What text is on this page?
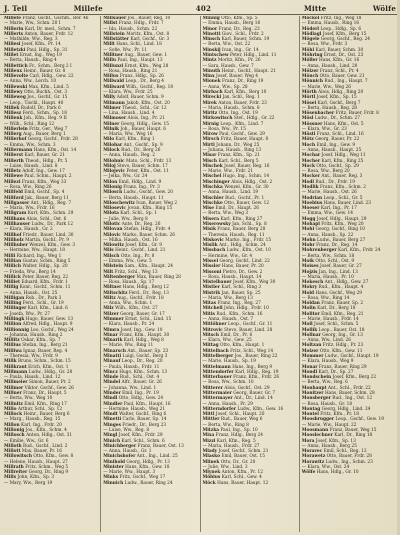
J. Teil	Millefe	402	Mitte	Wölfe
Millefe Franz, Gschf., Gschm., Ber. 46
— Marie, Ww., Schm. 20 I
Millerin Karl, Dr. med., Schm. 7
Millerts Anton, Bauer, Frdr. 12
— Mathilde, Ww., Reg. 3
Millesi Josef, Kfm., Pr. 14
Milletzki Paul, Hdlg., Sp. 31
Millet Ernst, Ing., Weg 19
— Berta, Hausb., Ring 4
Millettich Fr., Schm., Berg 2 I
Milleux Heinr., Bauer, Gr. 8
Millevolte Carl, Hdlg., Gew. 22
— Anna, Ww., Lerch. 10
Millewski Max, Kfm., Lind. 5
Millewy Otto, Buchh., Ost. 3
Milleweg Jos., Gschf., Gr. 15
— Leop., Tischl., Haupt. 40
Millek Rudolf, Dr., Park 6
Millesz Ferd., Schm., Sp. 18
Millenk Joh., Kfm., Reg. 9 II
— Wilh., Schl., Ring 12
Millerlein Fritz, Ger., Weg 7
Millerg Aug., Bauer, Berg 1
Millerhof Georg, Gschf., Frdr. 28
— Emma, Ww., Schm. 3
Millermann Hans, Kfm., Ost. 14
Millerst Karl, Bauer, Gr. 21
Millerth Theod., Hdlg., Pr. 5
— Luise, Hausb., Lind. 8
Milletz Adolf, Ing., Gew. 17
Millewe Paul, Schm., Haupt. 2
Millezi Franz, Kfm., Weg 33
— Rosa, Ww., Ring 26
Millfeld Emil, Gschf., Sp. 4
Millford Jak., Bauer, Berg 11
Millgasser Ant., Hdlg., Reg. 7
— Maria, Ww., Frdr. 16
Millgram Kurt, Kfm., Schm. 29
Millhans Alois, Schl., Ost. 6
Millhauser Ludw., Dr., Park 12
— Klara, Hausb., Gr. 2
Millhof Friedr., Bauer, Lind. 30
Millholz Martin, Gschf., Pr. 9
Millhuber Wenzel, Kfm., Gew. 3
— Hermine, Ww., Haupt. 18
Milli Richard, Ing., Weg 1
Millian Gustav, Schm., Ring 5
Millich Walter, Hdlg., Sp. 20
— Frieda, Ww., Berg 14
Millick Peter, Bauer, Reg. 22
Milliet Eduard, Kfm., Frdr. 1
Millig Konr., Gschf., Schm. 11
— Anna, Hausb., Ost. 25
Milligan Rob., Dr., Park 3
Milling Ferd., Schl., Gr. 19
Millinger Karl, Kfm., Lind. 6
— Josefa, Ww., Pr. 27
Millingk Hugo, Bauer, Gew. 13
Million Alfred, Hdlg., Haupt. 9
Millionnig Leo, Gschf., Weg 24
— Johanna, Hausb., Ring 2
Millitz Oskar, Kfm., Sp. 7
Millius Stefan, Ing., Berg 21
Milliwa Ignaz, Bauer, Reg. 4
— Theresia, Ww., Frdr. 9
Millk Bruno, Schm., Schm. 15
Millkraut Erich, Kfm., Ost. 1
Millmann Ludw., Hdlg., Gr. 28
— Paula, Hausb., Lind. 12
Millmeier Simon, Bauer, Pr. 2
Millmer Viktor, Gschf., Gew. 26
Millner Franz, Dr., Haupt. 5
— Berta, Ww., Weg 10
Millnitz Emil, Kfm., Ring 17
Millo Arthur, Schl., Sp. 12
Millock Heinr., Bauer, Berg 6
— Marg., Hausb., Reg. 15
Millon Karl, Ing., Frdr. 20
Millonig Jos., Kfm., Schm. 4
Millosch Anton, Hdlg., Ost. 31
— Emilie, Ww., Gr. 6
Milloth Rud., Gschf., Lind. 2
Millott Max, Bauer, Pr. 16
Millowitsch Otto, Kfm., Gew. 8
— Helene, Hausb., Haupt. 27
Millrath Fritz, Schm., Weg 5
Millreiter Georg, Dr., Ring 9
Mills John, Kfm., Sp. 3
— Mary, Ww., Berg 19
Millsauer Jos., Bauer, Reg. 10
Millst Franz, Hdlg., Frdr. 7
— Ida, Hausb., Schm. 22
Millstein Moritz, Kfm., Ost. 8
Millstätter Karl, Gschf., Gr. 3
Millt Hans, Schl., Lind. 18
— Sofie, Ww., Pr. 11
Milltner Aug., Bauer, Gew. 1
Millu Paul, Ing., Haupt. 13
Millunzi Ernst, Kfm., Weg 28
— Rosa, Hausb., Ring 21
Millus Franz, Hdlg., Sp. 26
Millwald Leop., Dr., Berg 4
Millward Wilh., Gschf., Reg. 18
— Klara, Ww., Frdr. 25
Milly Adolf, Bauer, Schm. 9
Milmann Jakob, Kfm., Ost. 20
Milmer Theod., Schl., Gr. 12
— Lina, Hausb., Lind. 4
Milmoser Alois, Ing., Pr. 21
Milner Georg, Hdlg., Gew. 15
Milnik Joh., Bauer, Haupt. 6
— Maria, Ww., Weg 16
Milo Karl, Kfm., Ring 1
Milobar Ant., Gschf., Sp. 9
Milock Rud., Dr., Berg 26
— Anna, Hausb., Reg. 2
Milohnic Mato, Schl., Frdr. 13
Miloj Stevo, Bauer, Schm. 17
Milojevic Peter, Kfm., Ost. 11
— Jelka, Ww., Gr. 24
Milon Emil, Hdlg., Lind. 9
Milonig Franz, Ing., Pr. 3
Milosch Ludw., Gschf., Gew. 20
— Berta, Hausb., Haupt. 11
Miloschewitz Ivan, Bauer, Weg 2
Milosevic Jovan, Kfm., Ring 15
Milota Karl, Schl., Sp. 1
— Julie, Ww., Berg 8
Milotic Ante, Dr., Reg. 26
Milovan Stefan, Hdlg., Frdr. 4
Milovic Marko, Bauer, Schm. 26
— Milka, Hausb., Ost. 16
Milowitz Josef, Kfm., Gr. 9
Mils Heinr., Gschf., Lind. 21
Milsch Otto, Ing., Pr. 8
— Emma, Ww., Gew. 5
Milstein Sam., Kfm., Haupt. 24
Milt Fritz, Schl., Weg 13
Miltenberger Max, Bauer, Ring 28
— Rosa, Hausb., Sp. 17
Miltner Hans, Hdlg., Berg 12
Miltschitz Ferd., Dr., Reg. 13
Miltz Aug., Gschf., Frdr. 18
— Anna, Ww., Schm. 1
Milz Wilh., Kfm., Ost. 27
Milzer Georg, Bauer, Gr. 17
Mimmer Ernst, Schl., Lind. 15
— Klara, Hausb., Pr. 24
Mimra Josef, Ing., Gew. 10
Minar Franz, Kfm., Haupt. 30
Minarik Karl, Hdlg., Weg 8
— Marie, Ww., Ring 11
Minarsch Ant., Bauer, Sp. 23
Minatti Luigi, Gschf., Berg 3
Minauf Leop., Dr., Reg. 20
— Paula, Hausb., Frdr. 11
Mincz Hugo, Kfm., Schm. 13
Minde Rud., Schl., Ost. 4
Mindel Alfr., Bauer, Gr. 26
— Johanna, Ww., Lind. 1
Minder Emil, Ing., Pr. 19
Mindl Otto, Hdlg., Gew. 24
Mindler Paul, Kfm., Haupt. 16
— Hermine, Hausb., Weg 21
Mindt Walter, Gschf., Ring 6
Minetti Carlo, Bauer, Sp. 14
Minges Friedr., Dr., Berg 23
— Luise, Ww., Reg. 8
Mingl Josef, Kfm., Frdr. 29
Minich Karl, Schl., Schm. 6
Minichberger Franz, Bauer, Ost. 13
— Anna, Hausb., Gr. 1
Minichshofer Ant., Ing., Lind. 25
Minihold Georg, Hdlg., Pr. 13
Minister Hans, Kfm., Gew. 18
— Marie, Ww., Haupt. 3
Minks Fritz, Gschf., Weg 17
Minnich Ludw., Bauer, Ring 24
Minnig Otto, Kfm., Sp. 5
— Emma, Hausb., Berg 16
Minor Franz, Dr., Reg. 23
Minotti Giov., Schl., Frdr. 2
Minsch Karl, Bauer, Schm. 19
— Berta, Ww., Ost. 22
Minskij Ivan, Ing., Gr. 14
Mintschew Peter, Hdlg., Lind. 11
Mintz Moritz, Kfm., Pr. 26
— Sara, Hausb., Gew. 7
Minuth Heinr., Gschf., Haupt. 21
Minx Josef, Bauer, Weg 4
Mionek Franz, Dr., Ring 19
— Anna, Ww., Sp. 28
Mirbach Karl, Kfm., Berg 10
Mirecki Jan, Schl., Reg. 1
Mirek Anton, Bauer, Frdr. 23
— Maria, Hausb., Schm. 8
Miritz Otto, Ing., Ost. 19
Mirkowitsch Stef., Hdlg., Gr. 22
Mirnig Leop., Kfm., Lind. 7
— Rosa, Ww., Pr. 15
Mirow Paul, Gschf., Gew. 29
Mirsch Fritz, Bauer, Haupt. 8
Mirtl Johann, Dr., Weg 25
— Juliana, Hausb., Ring 13
Misar Franz, Kfm., Sp. 21
Misch Karl, Schl., Berg 5
Mischek Josef, Bauer, Reg. 16
— Marie, Ww., Frdr. 21
Mischel Hugo, Ing., Schm. 14
Mischinger Alois, Hdlg., Ost. 2
Mischka Wenzel, Kfm., Gr. 30
— Anna, Hausb., Lind. 19
Mischler Rud., Gschf., Pr. 1
Mischke Otto, Bauer, Gew. 12
Mise Emil, Dr., Haupt. 26
— Berta, Ww., Weg 3
Misera Karl, Kfm., Ring 27
Miserowsky Jan, Schl., Sp. 8
Misik Franz, Bauer, Berg 28
— Theresia, Hausb., Reg. 11
Miskovic Marko, Ing., Frdr. 15
Mislik Ant., Hdlg., Schm. 24
Missbach Ludw., Kfm., Ost. 10
— Hermine, Ww., Gr. 4
Missel Georg, Gschf., Lind. 22
Missler Hans, Bauer, Pr. 20
Missoni Pietro, Dr., Gew. 2
— Rosa, Hausb., Haupt. 14
Mistelbauer Josef, Kfm., Weg 30
Mistler Karl, Schl., Ring 3
Mistrik Jan, Bauer, Sp. 25
— Maria, Ww., Berg 13
Mitas Franz, Ing., Reg. 27
Mitchell John, Hdlg., Frdr. 10
Mitis Rud., Kfm., Schm. 16
— Anna, Hausb., Ost. 7
Mitlöhner Leop., Gschf., Gr. 11
Mitrovic Stevo, Bauer, Lind. 28
Mitsch Emil, Dr., Pr. 6
— Klara, Ww., Gew. 25
Mittag Otto, Kfm., Haupt. 1
Mittelbach Fritz, Schl., Weg 14
Mittelberger Jos., Bauer, Ring 22
— Marie, Hausb., Sp. 19
Mittelmann Hans, Ing., Berg 9
Mittendorfer Karl, Hdlg., Reg. 19
Mitterbauer Franz, Kfm., Frdr. 26
— Rosa, Ww., Schm. 10
Mitterer Alois, Gschf., Ost. 29
Mittermaier Georg, Bauer, Gr. 7
Mittermayer Ant., Dr., Lind. 14
— Anna, Hausb., Pr. 29
Mitterndorfer Ludw., Kfm., Gew. 16
Mittl Josef, Schl., Haupt. 20
Mittler Rud., Bauer, Weg 6
— Berta, Ww., Ring 8
Mitzka Paul, Ing., Sp. 10
Mixa Franz, Hdlg., Berg 24
Mizzi Karl, Kfm., Reg. 5
— Maria, Hausb., Frdr. 27
Mlady Josef, Gschf., Schm. 21
Mlasko Emil, Bauer, Ost. 15
Mlinek Otto, Dr., Gr. 20
— Julie, Ww., Lind. 3
Mlynek Anton, Kfm., Pr. 12
Möbius Karl, Schl., Gew. 4
Möck Hans, Bauer, Haupt. 12
Möckel Fritz, Ing., Weg 18
— Emma, Hausb., Ring 16
Möderl Leop., Hdlg., Sp. 6
Mödlagl Josef, Kfm., Berg 15
Mögele Georg, Gschf., Reg. 24
— Rosa, Ww., Frdr. 3
Möhl Karl, Bauer, Schm. 30
Möhring Ernst, Dr., Ost. 23
Möller Hans, Kfm., Gr. 16
— Anna, Hausb., Lind. 20
Mölzer Franz, Schl., Pr. 4
Mönch Otto, Bauer, Gew. 21
Mönnich Rud., Ing., Haupt. 7
— Marie, Ww., Weg 26
Mörth Alois, Hdlg., Ring 20
Mörtl Josef, Kfm., Sp. 15
Mösel Karl, Gschf., Berg 7
— Berta, Hausb., Reg. 28
Mösenbacher Fritz, Bauer, Frdr. 8
Mösl Ludw., Dr., Schm. 27
Mössner Hans, Kfm., Ost. 5
— Klara, Ww., Gr. 23
Möstl Franz, Schl., Lind. 16
Mötz Georg, Bauer, Pr. 22
Moch Emil, Ing., Gew. 9
— Anna, Hausb., Haupt. 25
Mochar Josef, Hdlg., Weg 11
Mocher Karl, Kfm., Ring 25
Mock Otto, Gschf., Sp. 29
— Rosa, Ww., Berg 20
Mocker Ant., Bauer, Reg. 3
Modl Rud., Dr., Frdr. 19
Modlik Franz, Kfm., Schm. 2
— Marie, Hausb., Ost. 26
Modrian Leop., Schl., Gr. 5
Moebius Hans, Bauer, Lind. 23
Moeser Karl, Ing., Pr. 17
— Emma, Ww., Gew. 14
Mogg Josef, Hdlg., Haupt. 29
Mohapl Fritz, Kfm., Weg 20
Mohl Georg, Gschf., Ring 10
— Anna, Hausb., Sp. 22
Mohn Ludw., Bauer, Berg 27
Mohr Franz, Dr., Reg. 14
Mohrenberger Karl, Kfm., Frdr. 24
— Berta, Ww., Schm. 18
Moik Otto, Schl., Ost. 9
Moises Josef, Bauer, Gr. 27
Mojzis Jan, Ing., Lind. 13
— Maria, Hausb., Pr. 10
Mokesch Ant., Hdlg., Gew. 27
Mokry Rud., Kfm., Haupt. 4
Mold Hans, Gschf., Weg 29
— Rosa, Ww., Ring 14
Moldan Franz, Bauer, Sp. 2
Molin Karl, Dr., Berg 18
Molitor Emil, Kfm., Reg. 21
— Marie, Hausb., Frdr. 14
Moll Josef, Schl., Schm. 5
Mollik Leop., Bauer, Ost. 18
Mollnar Georg, Ing., Gr. 13
— Anna, Ww., Lind. 26
Moltzan Fritz, Hdlg., Pr. 23
Molzer Otto, Kfm., Gew. 11
Mommer Ludw., Gschf., Haupt. 19
— Klara, Hausb., Weg 9
Monar Franz, Bauer, Ring 29
Mondl Karl, Dr., Sp. 27
Mondschein Josef, Kfm., Berg 22
— Berta, Ww., Reg. 6
Monhaupt Ant., Schl., Frdr. 22
Monitzer Hans, Bauer, Schm. 28
Monsberger Rud., Ing., Ost. 12
— Rosa, Hausb., Gr. 18
Montag Georg, Hdlg., Lind. 24
Montel Fritz, Kfm., Pr. 18
Moosbrugger Leop., Gschf., Gew. 19
— Marie, Ww., Haupt. 22
Moosmann Franz, Bauer, Weg 15
Mooslechner Karl, Dr., Ring 18
Mora Josef, Kfm., Sp. 13
— Anna, Hausb., Berg 25
Moravec Emil, Schl., Reg. 12
Morawetz Otto, Bauer, Frdr. 28
Morawitz Ludw., Ing., Schm. 23
— Klara, Ww., Ost. 24
Wölfe Hans, Hdlg., Gr. 10
